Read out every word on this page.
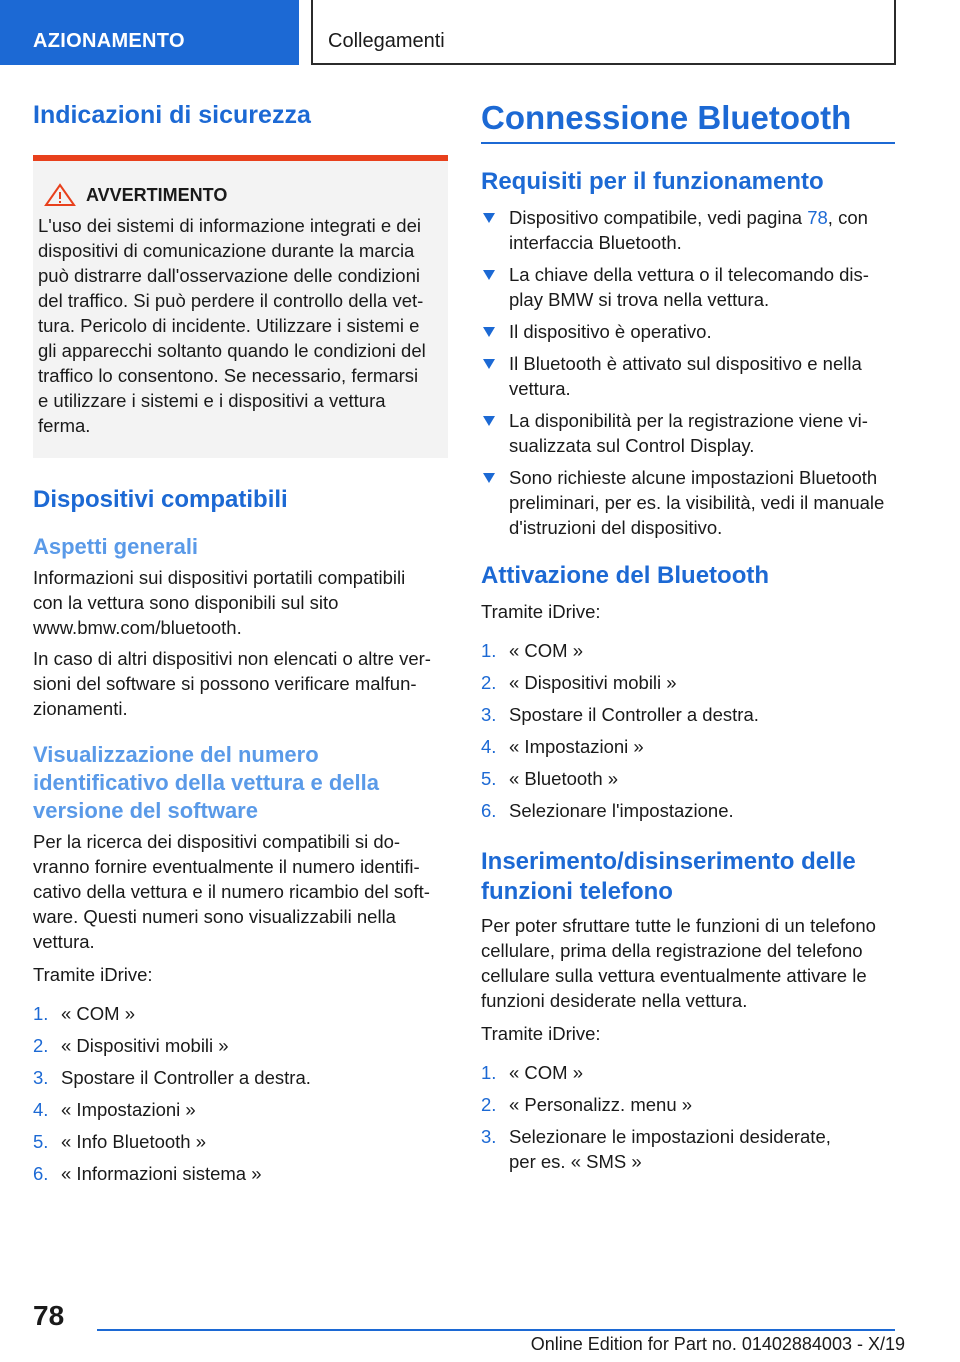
AZIONAMENTO	Collegamenti
Indicazioni di sicurezza
AVVERTIMENTO
L'uso dei sistemi di informazione integrati e dei
dispositivi di comunicazione durante la marcia
può distrarre dall'osservazione delle condizioni
del traffico. Si può perdere il controllo della vet‐
tura. Pericolo di incidente. Utilizzare i sistemi e
gli apparecchi soltanto quando le condizioni del
traffico lo consentono. Se necessario, fermarsi
e utilizzare i sistemi e i dispositivi a vettura
ferma.
Dispositivi compatibili
Aspetti generali

Informazioni sui dispositivi portatili compatibili
con la vettura sono disponibili sul sito
www.bmw.com/bluetooth.

In caso di altri dispositivi non elencati o altre ver‐
sioni del software si possono verificare malfun‐
zionamenti.

Visualizzazione del numero
identificativo della vettura e della
versione del software

Per la ricerca dei dispositivi compatibili si do‐
vranno fornire eventualmente il numero identifi‐
cativo della vettura e il numero ricambio del soft‐
ware. Questi numeri sono visualizzabili nella
vettura.

Tramite iDrive:

1. « COM »
2. « Dispositivi mobili »
3. Spostare il Controller a destra.
4. « Impostazioni »
5. « Info Bluetooth »
6. « Informazioni sistema »
Connessione Bluetooth
Requisiti per il funzionamento
Dispositivo compatibile, vedi pagina 78, con
interfaccia Bluetooth.
La chiave della vettura o il telecomando dis‐
play BMW si trova nella vettura.
Il dispositivo è operativo.
Il Bluetooth è attivato sul dispositivo e nella
vettura.
La disponibilità per la registrazione viene vi‐
sualizzata sul Control Display.
Sono richieste alcune impostazioni Bluetooth
preliminari, per es. la visibilità, vedi il manuale
d'istruzioni del dispositivo.
Attivazione del Bluetooth

Tramite iDrive:

1. « COM »
2. « Dispositivi mobili »
3. Spostare il Controller a destra.
4. « Impostazioni »
5. « Bluetooth »
6. Selezionare l'impostazione.
Inserimento/disinserimento delle
funzioni telefono

Per poter sfruttare tutte le funzioni di un telefono
cellulare, prima della registrazione del telefono
cellulare sulla vettura eventualmente attivare le
funzioni desiderate nella vettura.

Tramite iDrive:

1. « COM »
2. « Personalizz. menu »
3. Selezionare le impostazioni desiderate,
per es. « SMS »
78
Online Edition for Part no. 01402884003 - X/19
